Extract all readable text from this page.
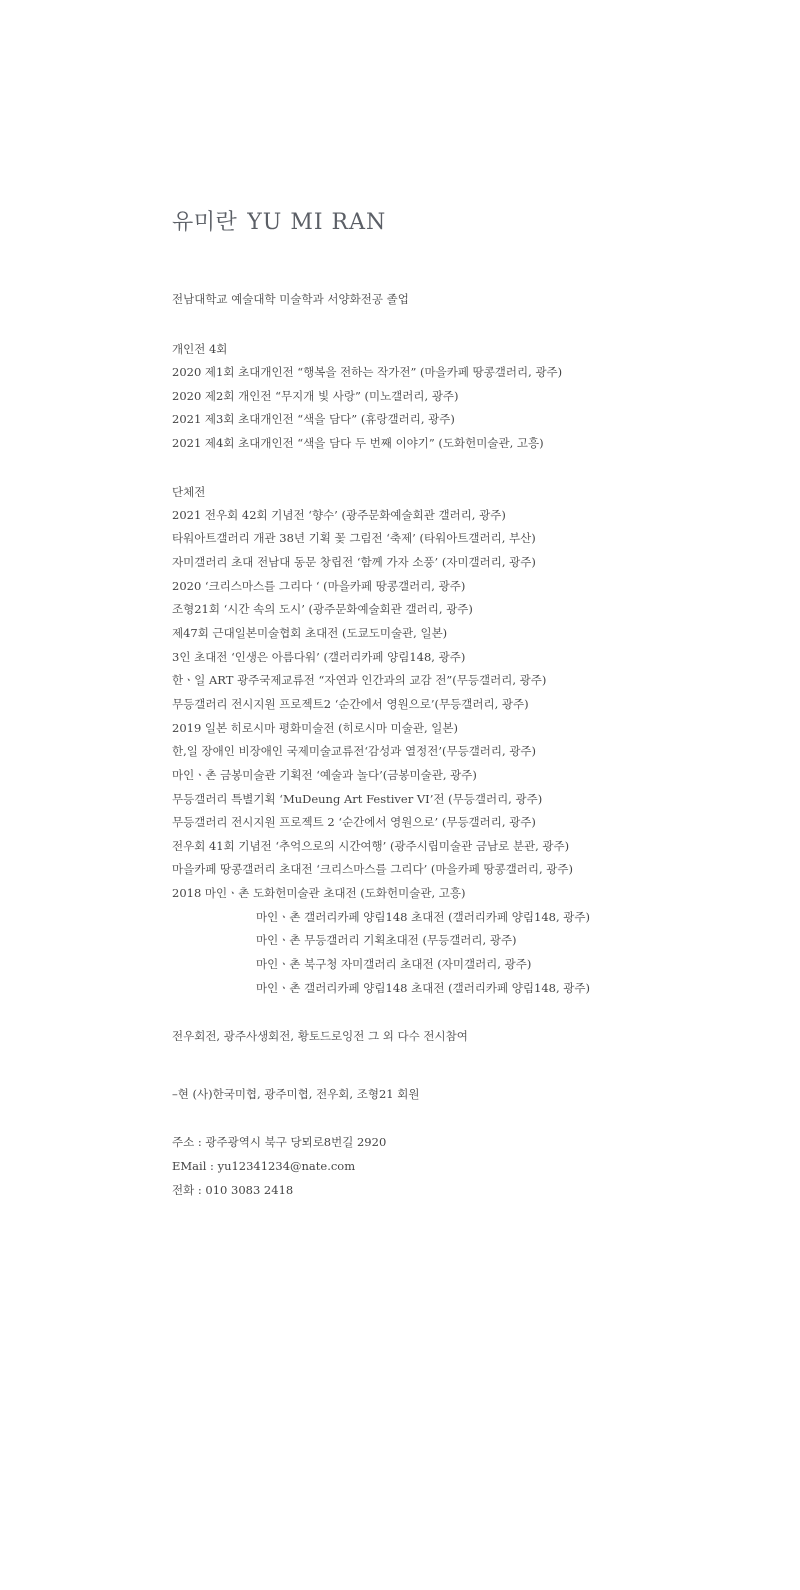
유미란 YU MI RAN
전남대학교 예술대학 미술학과 서양화전공 졸업
개인전 4회
2020 제1회 초대개인전 “행복을 전하는 작가전” (마을카페 땅콩갤러리, 광주)
2020 제2회 개인전 “무지개 빛 사랑” (미노갤러리, 광주)
2021 제3회 초대개인전 “색을 담다” (휴랑갤러리, 광주)
2021 제4회 초대개인전 “색을 담다 두 번째 이야기” (도화헌미술관, 고흥)
단체전
2021 전우회 42회 기념전 ‘향수’ (광주문화예술회관 갤러리, 광주)
타워아트갤러리 개관 38년 기획 꽃 그림전 ‘축제’ (타워아트갤러리, 부산)
자미갤러리 초대 전남대 동문 창립전 ‘함께 가자 소풍’ (자미갤러리, 광주)
2020 ‘크리스마스를 그리다 ‘ (마을카페 땅콩갤러리, 광주)
조형21회 ‘시간 속의 도시’ (광주문화예술회관 갤러리, 광주)
제47회 근대일본미술협회 초대전 (도쿄도미술관, 일본)
3인 초대전 ‘인생은 아름다워’ (갤러리카페 양림148, 광주)
한ㆍ일 ART 광주국제교류전 “자연과 인간과의 교감 전”(무등갤러리, 광주)
무등갤러리 전시지원 프로젝트2 ‘순간에서 영원으로’(무등갤러리, 광주)
2019 일본 히로시마 평화미술전 (히로시마 미술관, 일본)
한,일 장애인 비장애인 국제미술교류전‘감성과 열정전’(무등갤러리, 광주)
마인ㆍ촌 금봉미술관 기획전 ‘예술과 놀다’(금봉미술관, 광주)
무등갤러리 특별기획 ‘MuDeung Art Festiver VI’전 (무등갤러리, 광주)
무등갤러리 전시지원 프로젝트 2 ‘순간에서 영원으로’ (무등갤러리, 광주)
전우회 41회 기념전 ‘추억으로의 시간여행’ (광주시립미술관 금남로 분관, 광주)
마을카페 땅콩갤러리 초대전 ‘크리스마스를 그리다’ (마을카페 땅콩갤러리, 광주)
2018 마인ㆍ촌 도화헌미술관 초대전 (도화헌미술관, 고흥)
마인ㆍ촌 갤러리카페 양림148 초대전 (갤러리카페 양림148, 광주)
마인ㆍ촌 무등갤러리 기획초대전 (무등갤러리, 광주)
마인ㆍ촌 북구청 자미갤러리 초대전 (자미갤러리, 광주)
마인ㆍ촌 갤러리카페 양림148 초대전 (갤러리카페 양림148, 광주)
전우회전, 광주사생회전, 황토드로잉전 그 외 다수 전시참여
–현 (사)한국미협, 광주미협, 전우회, 조형21 회원
주소 : 광주광역시 북구 당뫼로8번길 2920
EMail : yu12341234@nate.com
전화 : 010 3083 2418
